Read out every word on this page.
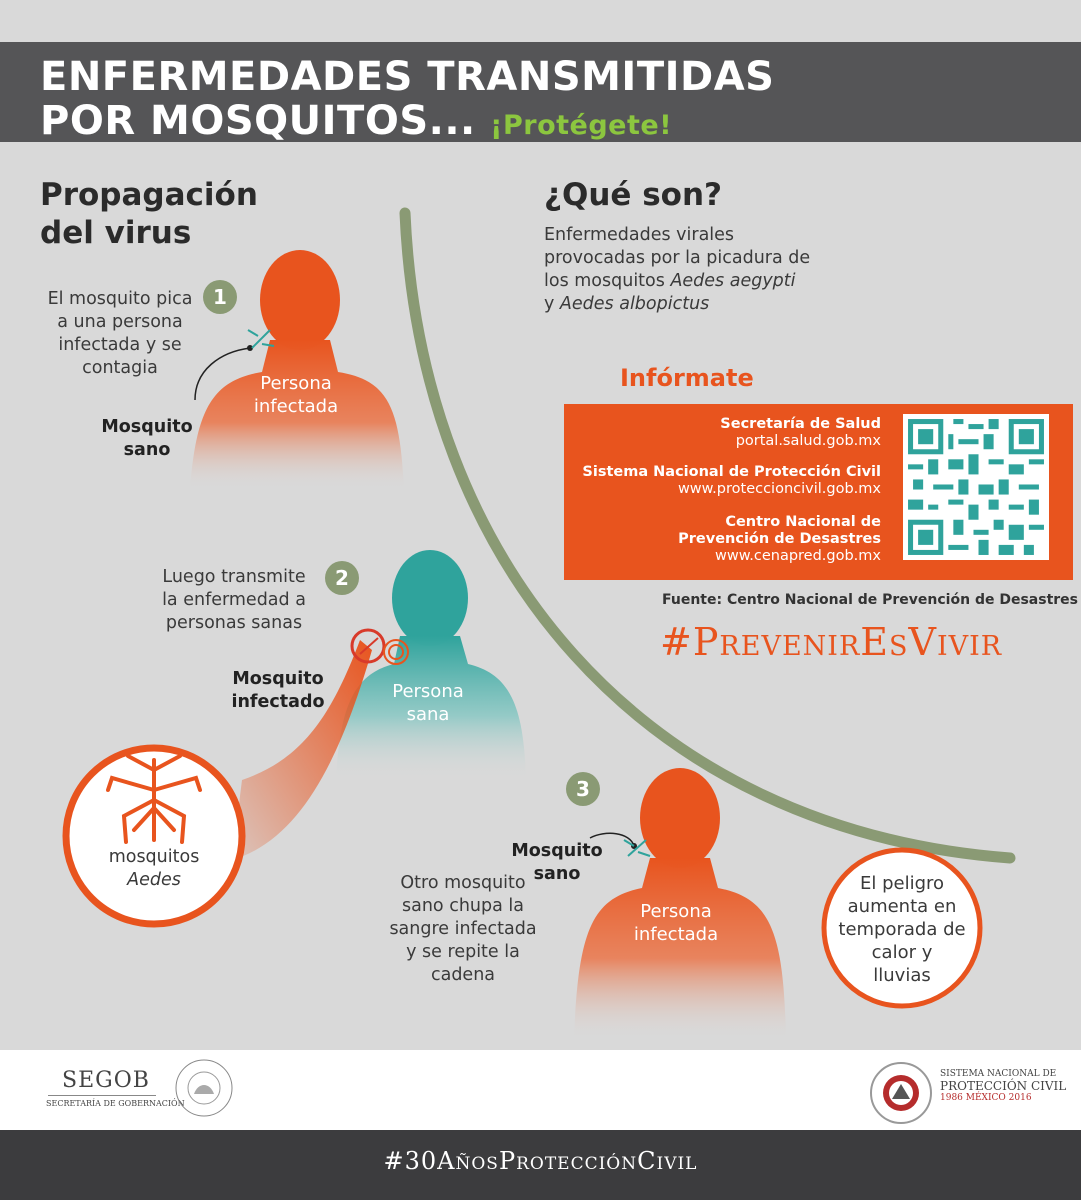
ENFERMEDADES TRANSMITIDAS
POR MOSQUITOS... ¡Protégete!
Propagación
del virus
1
El mosquito pica
a una persona
infectada y se
contagia
Mosquito
sano
Persona
infectada
2
Luego transmite
la enfermedad a
personas sanas
Mosquito
infectado	Persona
sana
mosquitos
Aedes
3
Mosquito
sano
Otro mosquito
sano chupa la
sangre infectada
y se repite la
cadena
Persona
infectada
El peligro
aumenta en
temporada de
calor y
lluvias
¿Qué son?
Enfermedades virales
provocadas por la picadura de
los mosquitos Aedes aegypti
y Aedes albopictus
Infórmate
Secretaría de Salud
portal.salud.gob.mx
Sistema Nacional de Protección Civil
www.proteccioncivil.gob.mx
Centro Nacional de
Prevención de Desastres
www.cenapred.gob.mx
Fuente: Centro Nacional de Prevención de Desastres
#PrevenirEsVivir
SEGOB
SECRETARÍA DE GOBERNACIÓN
SISTEMA NACIONAL DE
PROTECCIÓN CIVIL
1986 MÉXICO 2016
#30AñosProtecciónCivil
